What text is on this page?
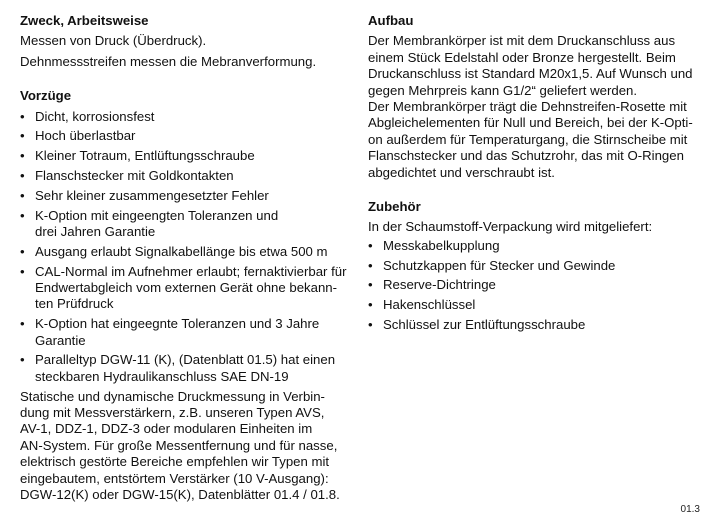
Zweck, Arbeitsweise

Messen von Druck (Überdruck).

Dehnmessstreifen messen die Mebranverformung.

Vorzüge

• Dicht, korrosionsfest
• Hoch überlastbar
• Kleiner Totraum, Entlüftungsschraube
• Flanschstecker mit Goldkontakten
• Sehr kleiner zusammengesetzter Fehler
• K-Option mit eingeengten Toleranzen und
drei Jahren Garantie
• Ausgang erlaubt Signalkabellänge bis etwa 500 m
• CAL-Normal im Aufnehmer erlaubt; fernaktivierbar für
Endwertabgleich vom externen Gerät ohne bekann-
ten Prüfdruck
• K-Option hat eingeegnte Toleranzen und 3 Jahre
Garantie
• Paralleltyp DGW-11 (K), (Datenblatt 01.5) hat einen
steckbaren Hydraulikanschluss SAE DN-19

Statische und dynamische Druckmessung in Verbin-
dung mit Messverstärkern, z.B. unseren Typen AVS,
AV-1, DDZ-1, DDZ-3 oder modularen Einheiten im
AN-System. Für große Messentfernung und für nasse,
elektrisch gestörte Bereiche empfehlen wir Typen mit
eingebautem, entstörtem Verstärker (10 V-Ausgang):
DGW-12(K) oder DGW-15(K), Datenblätter 01.4 / 01.8.

Aufbau

Der Membrankörper ist mit dem Druckanschluss aus
einem Stück Edelstahl oder Bronze hergestellt. Beim
Druckanschluss ist Standard M20x1,5. Auf Wunsch und
gegen Mehrpreis kann G1/2“ geliefert werden.
Der Membrankörper trägt die Dehnstreifen-Rosette mit
Abgleichelementen für Null und Bereich, bei der K-Opti-
on außerdem für Temperaturgang, die Stirnscheibe mit
Flanschstecker und das Schutzrohr, das mit O-Ringen
abgedichtet und verschraubt ist.

Zubehör

In der Schaumstoff-Verpackung wird mitgeliefert:

• Messkabelkupplung
• Schutzkappen für Stecker und Gewinde
• Reserve-Dichtringe
• Hakenschlüssel
• Schlüssel zur Entlüftungsschraube
01.3
